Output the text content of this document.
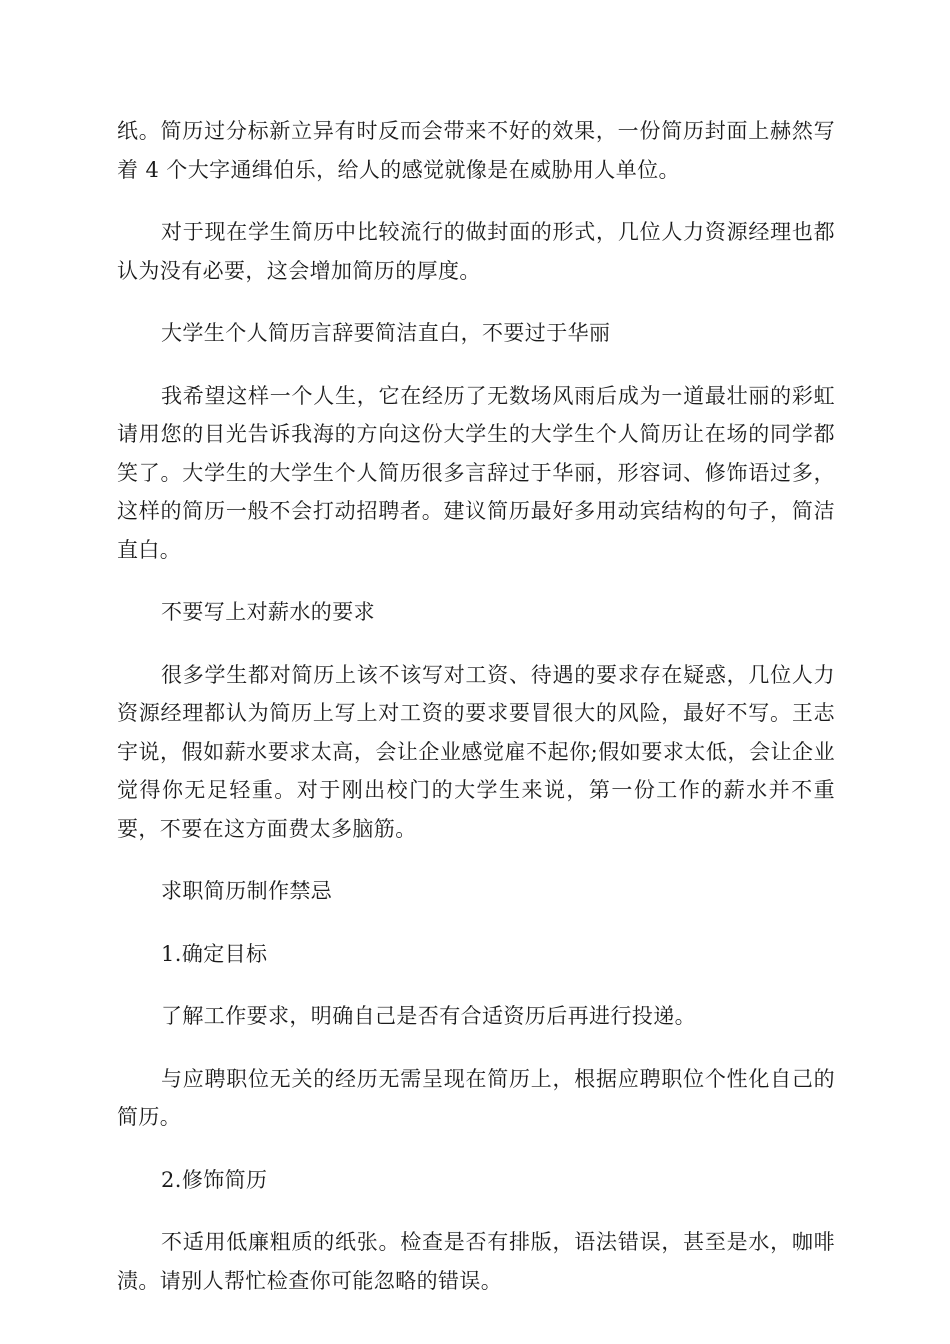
纸。简历过分标新立异有时反而会带来不好的效果，一份简历封面上赫然写着 4 个大字通缉伯乐，给人的感觉就像是在威胁用人单位。

对于现在学生简历中比较流行的做封面的形式，几位人力资源经理也都认为没有必要，这会增加简历的厚度。

大学生个人简历言辞要简洁直白，不要过于华丽

我希望这样一个人生，它在经历了无数场风雨后成为一道最壮丽的彩虹请用您的目光告诉我海的方向这份大学生的大学生个人简历让在场的同学都笑了。大学生的大学生个人简历很多言辞过于华丽，形容词、修饰语过多，这样的简历一般不会打动招聘者。建议简历最好多用动宾结构的句子，简洁直白。

不要写上对薪水的要求

很多学生都对简历上该不该写对工资、待遇的要求存在疑惑，几位人力资源经理都认为简历上写上对工资的要求要冒很大的风险，最好不写。王志宇说，假如薪水要求太高，会让企业感觉雇不起你;假如要求太低，会让企业觉得你无足轻重。对于刚出校门的大学生来说，第一份工作的薪水并不重要，不要在这方面费太多脑筋。

求职简历制作禁忌

1.确定目标

了解工作要求，明确自己是否有合适资历后再进行投递。

与应聘职位无关的经历无需呈现在简历上，根据应聘职位个性化自己的简历。

2.修饰简历

不适用低廉粗质的纸张。检查是否有排版，语法错误，甚至是水，咖啡渍。请别人帮忙检查你可能忽略的错误。
